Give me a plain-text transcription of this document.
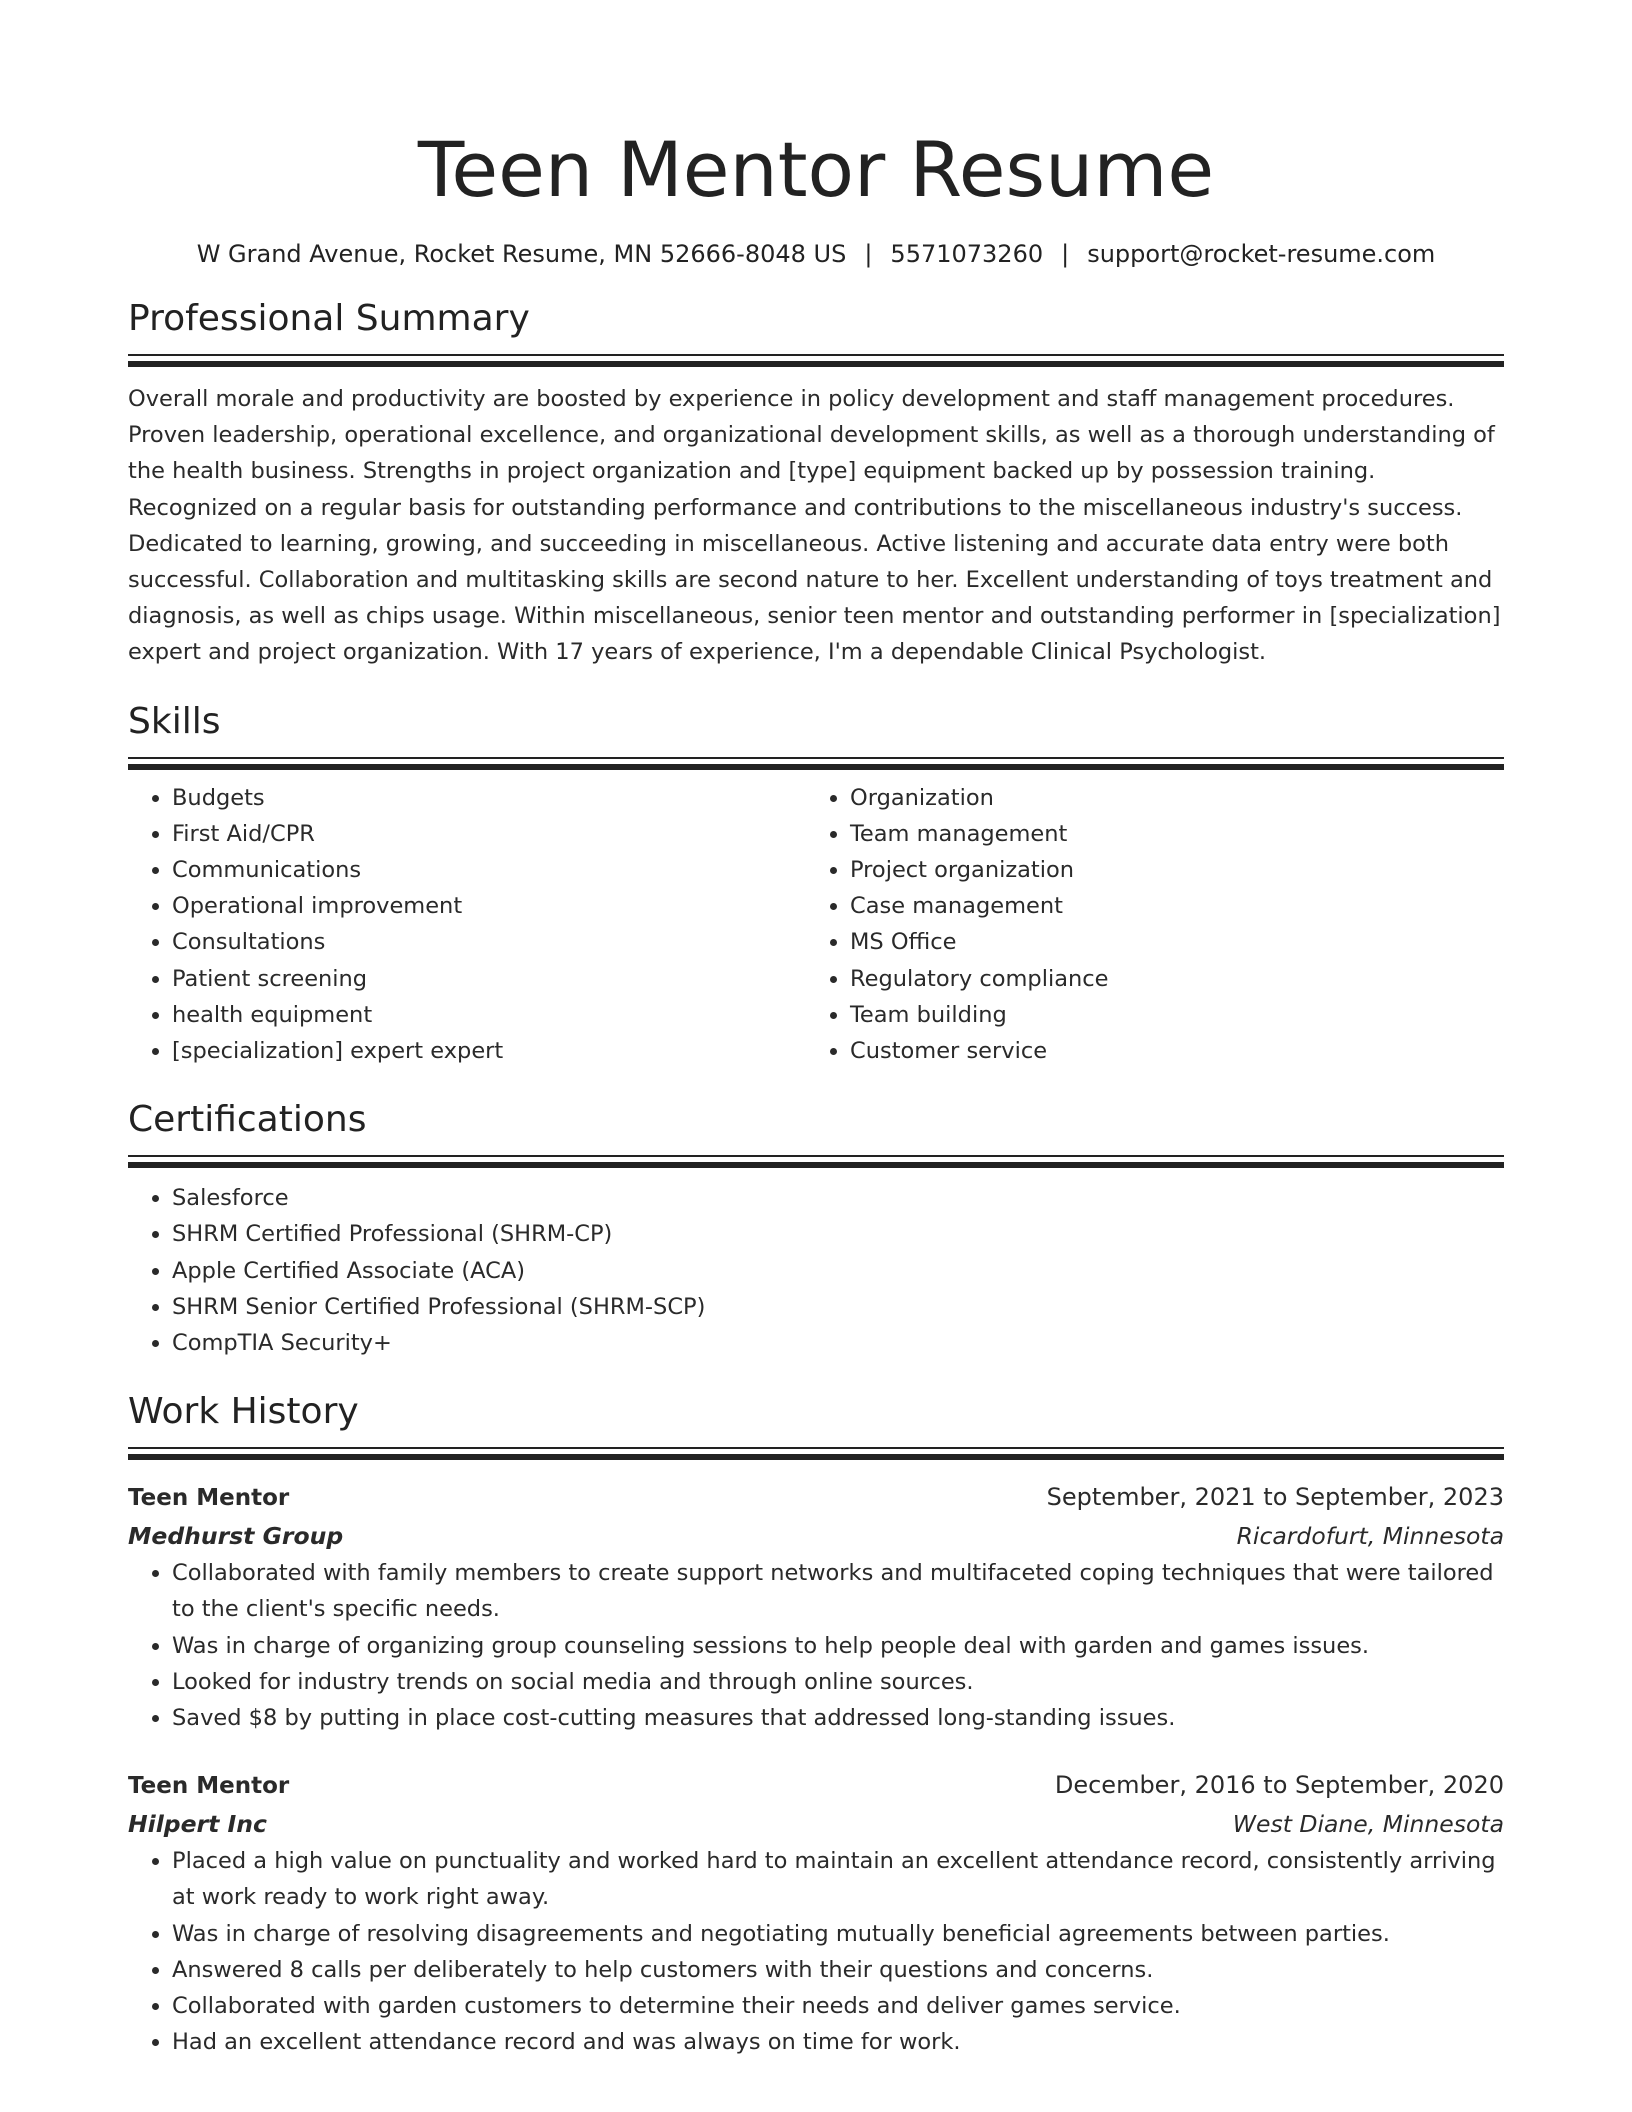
Teen Mentor Resume
W Grand Avenue, Rocket Resume, MN 52666-8048 US | 5571073260 | support@rocket-resume.com
Professional Summary
Overall morale and productivity are boosted by experience in policy development and staff management procedures. Proven leadership, operational excellence, and organizational development skills, as well as a thorough understanding of the health business. Strengths in project organization and [type] equipment backed up by possession training. Recognized on a regular basis for outstanding performance and contributions to the miscellaneous industry's success. Dedicated to learning, growing, and succeeding in miscellaneous. Active listening and accurate data entry were both successful. Collaboration and multitasking skills are second nature to her. Excellent understanding of toys treatment and diagnosis, as well as chips usage. Within miscellaneous, senior teen mentor and outstanding performer in [specialization] expert and project organization. With 17 years of experience, I'm a dependable Clinical Psychologist.
Skills
• Budgets
• First Aid/CPR
• Communications
• Operational improvement
• Consultations
• Patient screening
• health equipment
• [specialization] expert expert
• Organization
• Team management
• Project organization
• Case management
• MS Office
• Regulatory compliance
• Team building
• Customer service
Certifications
• Salesforce
• SHRM Certified Professional (SHRM-CP)
• Apple Certified Associate (ACA)
• SHRM Senior Certified Professional (SHRM-SCP)
• CompTIA Security+
Work History
Teen Mentor	September, 2021 to September, 2023
Medhurst Group	Ricardofurt, Minnesota
• Collaborated with family members to create support networks and multifaceted coping techniques that were tailored to the client's specific needs.
• Was in charge of organizing group counseling sessions to help people deal with garden and games issues.
• Looked for industry trends on social media and through online sources.
• Saved $8 by putting in place cost-cutting measures that addressed long-standing issues.
Teen Mentor	December, 2016 to September, 2020
Hilpert Inc	West Diane, Minnesota
• Placed a high value on punctuality and worked hard to maintain an excellent attendance record, consistently arriving at work ready to work right away.
• Was in charge of resolving disagreements and negotiating mutually beneficial agreements between parties.
• Answered 8 calls per deliberately to help customers with their questions and concerns.
• Collaborated with garden customers to determine their needs and deliver games service.
• Had an excellent attendance record and was always on time for work.
